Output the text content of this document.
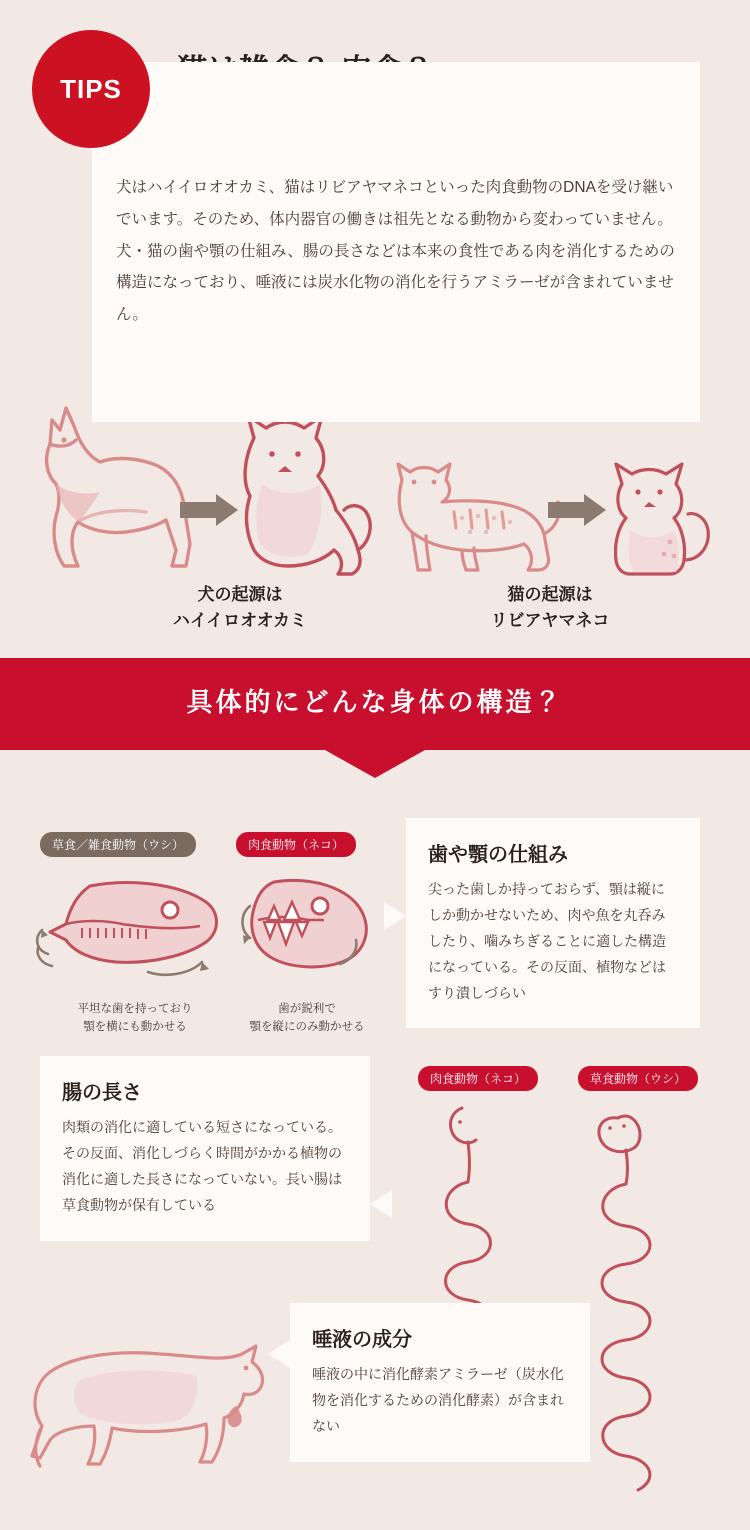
TIPS
犬はハイイロオオカミ、猫はリビアヤマネコといった肉食動物のDNAを受け継いでいます。そのため、体内器官の働きは祖先となる動物から変わっていません。犬・猫の歯や顎の仕組み、腸の長さなどは本来の食性である肉を消化するための構造になっており、唾液には炭水化物の消化を行うアミラーゼが含まれていません。
犬の起源は
ハイイロオオカミ
猫の起源は
リビアヤマネコ
具体的にどんな身体の構造？
草食／雑食動物（ウシ）	肉食動物（ネコ）
平坦な歯を持っており
顎を横にも動かせる
歯が鋭利で
顎を縦にのみ動かせる

歯や顎の仕組み

尖った歯しか持っておらず、顎は縦にしか動かせないため、肉や魚を丸呑みしたり、噛みちぎることに適した構造になっている。その反面、植物などはすり潰しづらい

腸の長さ

肉類の消化に適している短さになっている。その反面、消化しづらく時間がかかる植物の消化に適した長さになっていない。長い腸は草食動物が保有している

肉食動物（ネコ）	草食動物（ウシ）

唾液の成分

唾液の中に消化酵素アミラーゼ（炭水化物を消化するための消化酵素）が含まれない
